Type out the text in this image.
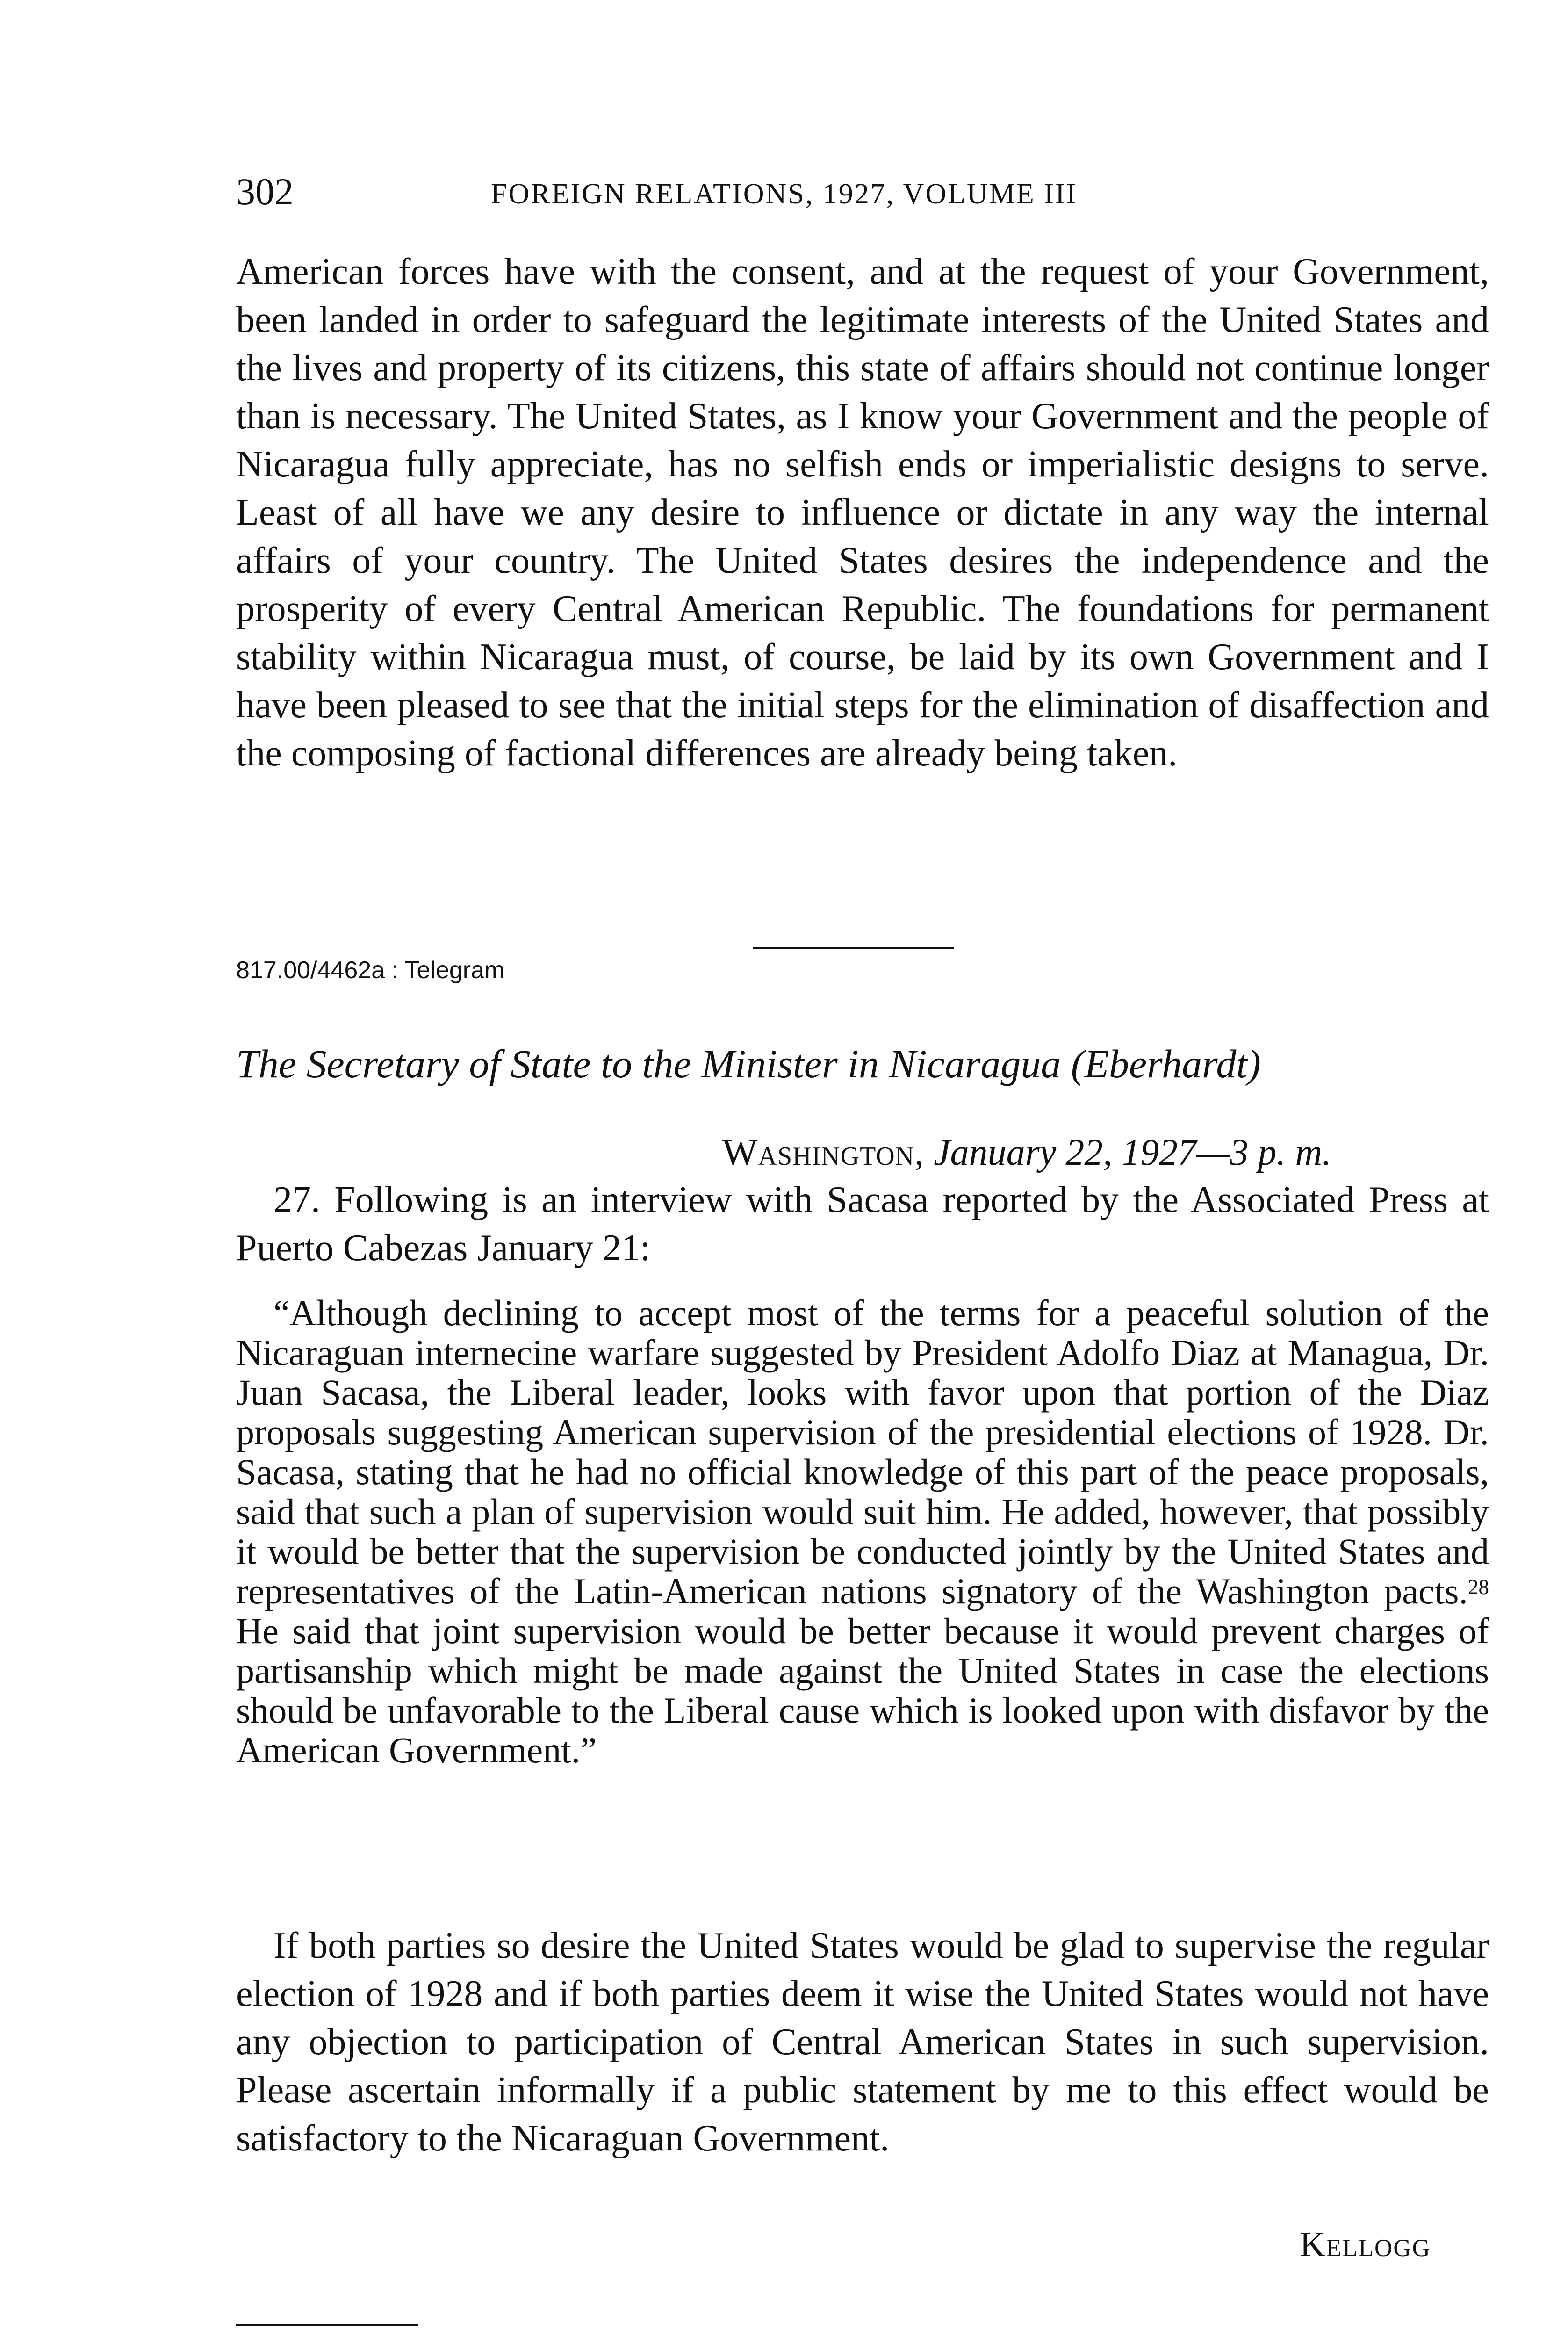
302	FOREIGN RELATIONS, 1927, VOLUME III

American forces have with the consent, and at the request of your Government, been landed in order to safeguard the legitimate interests of the United States and the lives and property of its citizens, this state of affairs should not continue longer than is necessary. The United States, as I know your Government and the people of Nicaragua fully appreciate, has no selfish ends or imperialistic designs to serve. Least of all have we any desire to influence or dictate in any way the internal affairs of your country. The United States desires the independence and the prosperity of every Central American Republic. The foundations for permanent stability within Nicaragua must, of course, be laid by its own Government and I have been pleased to see that the initial steps for the elimination of disaffection and the composing of factional differences are already being taken.

817.00/4462a : Telegram

The Secretary of State to the Minister in Nicaragua (Eberhardt)

Washington, January 22, 1927—3 p. m.

27. Following is an interview with Sacasa reported by the Associated Press at Puerto Cabezas January 21:

“Although declining to accept most of the terms for a peaceful solution of the Nicaraguan internecine warfare suggested by President Adolfo Diaz at Managua, Dr. Juan Sacasa, the Liberal leader, looks with favor upon that portion of the Diaz proposals suggesting American supervision of the presidential elections of 1928. Dr. Sacasa, stating that he had no official knowledge of this part of the peace proposals, said that such a plan of supervision would suit him. He added, however, that possibly it would be better that the supervision be conducted jointly by the United States and representatives of the Latin-American nations signatory of the Washington pacts.$^{28}$ He said that joint supervision would be better because it would prevent charges of partisanship which might be made against the United States in case the elections should be unfavorable to the Liberal cause which is looked upon with disfavor by the American Government.”

If both parties so desire the United States would be glad to supervise the regular election of 1928 and if both parties deem it wise the United States would not have any objection to participation of Central American States in such supervision. Please ascertain informally if a public statement by me to this effect would be satisfactory to the Nicaraguan Government.

Kellogg
